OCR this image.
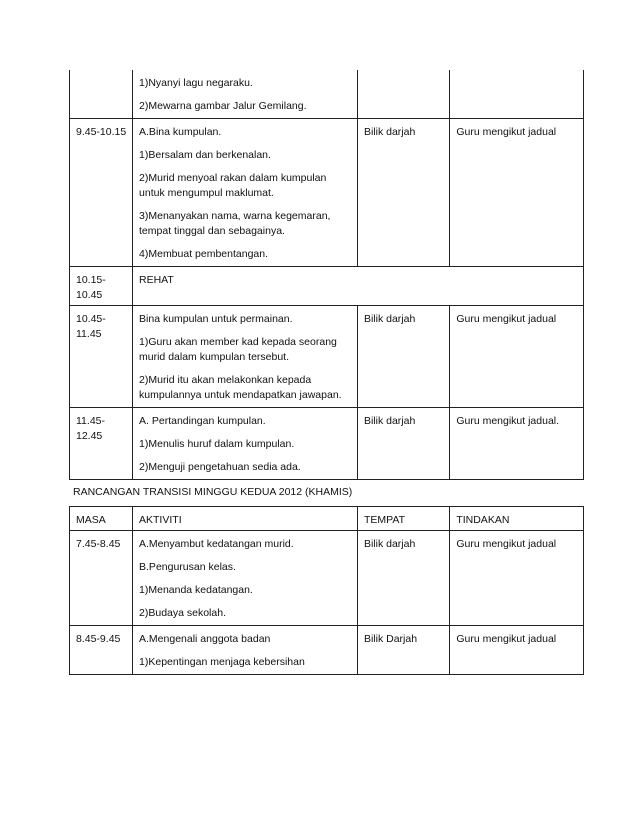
	1)Nyanyi lagu negaraku.

2)Mewarna gambar Jalur Gemilang.		

9.45-10.15	A.Bina kumpulan.

1)Bersalam dan berkenalan.

2)Murid menyoal rakan dalam kumpulan untuk mengumpul maklumat.

3)Menanyakan nama, warna kegemaran, tempat tinggal dan sebagainya.

4)Membuat pembentangan.	Bilik darjah	Guru mengikut jadual
10.15-10.45	REHAT		

10.45-11.45	Bina kumpulan untuk permainan.

1)Guru akan member kad kepada seorang murid dalam kumpulan tersebut.

2)Murid itu akan melakonkan kepada kumpulannya untuk mendapatkan jawapan.	Bilik darjah	Guru mengikut jadual
11.45-12.45	A. Pertandingan kumpulan.

1)Menulis huruf dalam kumpulan.

2)Menguji pengetahuan sedia ada.	Bilik darjah	Guru mengikut jadual.
RANCANGAN TRANSISI MINGGU KEDUA 2012 (KHAMIS)
MASA	AKTIVITI	TEMPAT	TINDAKAN
7.45-8.45	A.Menyambut kedatangan murid.

B.Pengurusan kelas.

1)Menanda kedatangan.

2)Budaya sekolah.	Bilik darjah	Guru mengikut jadual
8.45-9.45	A.Mengenali anggota badan

1)Kepentingan menjaga kebersihan	Bilik Darjah	Guru mengikut jadual
